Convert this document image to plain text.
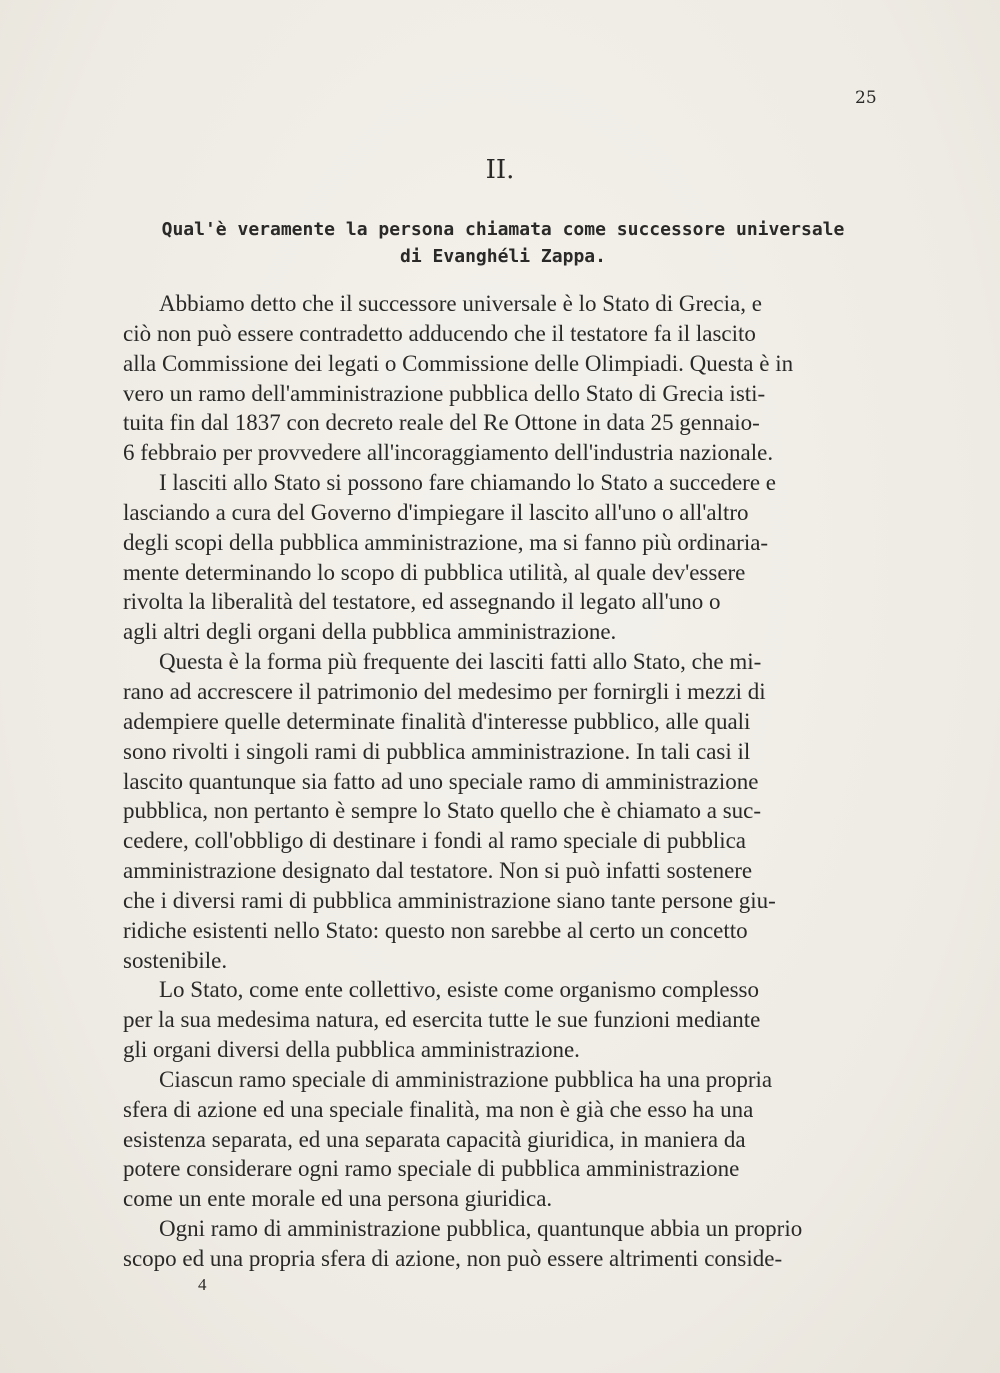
25

II.
Qual'è veramente la persona chiamata come successore universale
di Evanghéli Zappa.

Abbiamo detto che il successore universale è lo Stato di Grecia, e
ciò non può essere contradetto adducendo che il testatore fa il lascito
alla Commissione dei legati o Commissione delle Olimpiadi. Questa è in
vero un ramo dell'amministrazione pubblica dello Stato di Grecia isti-
tuita fin dal 1837 con decreto reale del Re Ottone in data 25 gennaio-
6 febbraio per provvedere all'incoraggiamento dell'industria nazionale.

I lasciti allo Stato si possono fare chiamando lo Stato a succedere e
lasciando a cura del Governo d'impiegare il lascito all'uno o all'altro
degli scopi della pubblica amministrazione, ma si fanno più ordinaria-
mente determinando lo scopo di pubblica utilità, al quale dev'essere
rivolta la liberalità del testatore, ed assegnando il legato all'uno o
agli altri degli organi della pubblica amministrazione.

Questa è la forma più frequente dei lasciti fatti allo Stato, che mi-
rano ad accrescere il patrimonio del medesimo per fornirgli i mezzi di
adempiere quelle determinate finalità d'interesse pubblico, alle quali
sono rivolti i singoli rami di pubblica amministrazione. In tali casi il
lascito quantunque sia fatto ad uno speciale ramo di amministrazione
pubblica, non pertanto è sempre lo Stato quello che è chiamato a suc-
cedere, coll'obbligo di destinare i fondi al ramo speciale di pubblica
amministrazione designato dal testatore. Non si può infatti sostenere
che i diversi rami di pubblica amministrazione siano tante persone giu-
ridiche esistenti nello Stato: questo non sarebbe al certo un concetto
sostenibile.

Lo Stato, come ente collettivo, esiste come organismo complesso
per la sua medesima natura, ed esercita tutte le sue funzioni mediante
gli organi diversi della pubblica amministrazione.

Ciascun ramo speciale di amministrazione pubblica ha una propria
sfera di azione ed una speciale finalità, ma non è già che esso ha una
esistenza separata, ed una separata capacità giuridica, in maniera da
potere considerare ogni ramo speciale di pubblica amministrazione
come un ente morale ed una persona giuridica.

Ogni ramo di amministrazione pubblica, quantunque abbia un proprio
scopo ed una propria sfera di azione, non può essere altrimenti conside-

4
